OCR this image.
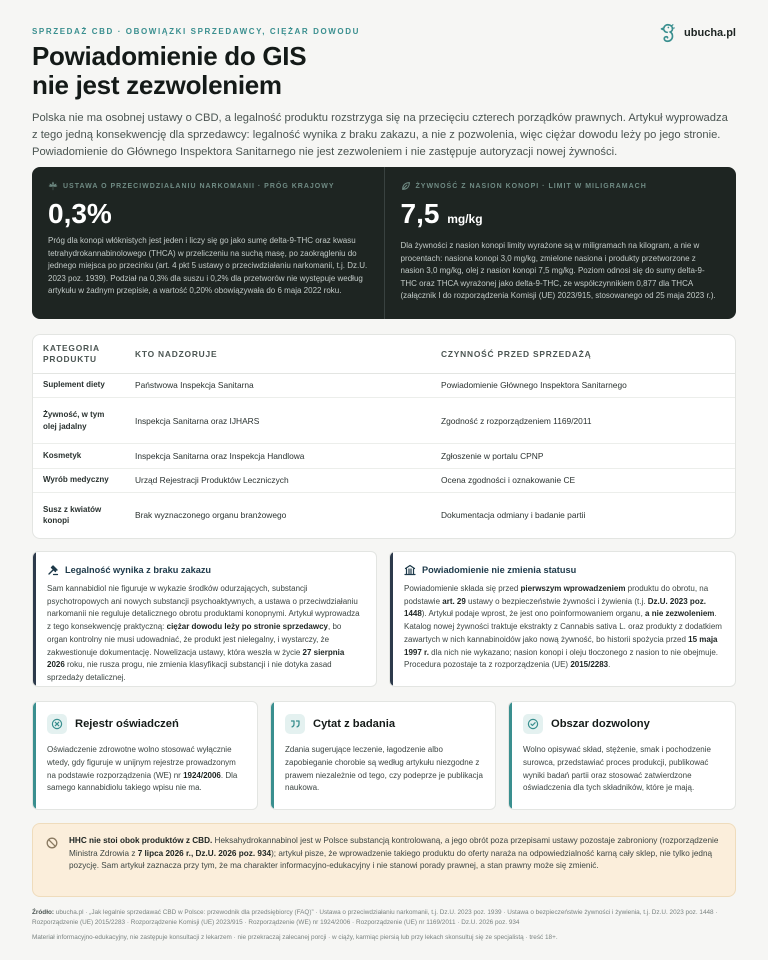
SPRZEDAŻ CBD · OBOWIĄZKI SPRZEDAWCY, CIĘŻAR DOWODU	ubucha.pl
Powiadomienie do GIS
nie jest zezwoleniem

Polska nie ma osobnej ustawy o CBD, a legalność produktu rozstrzyga się na przecięciu czterech porządków prawnych. Artykuł wyprowadza z tego jedną konsekwencję dla sprzedawcy: legalność wynika z braku zakazu, a nie z pozwolenia, więc ciężar dowodu leży po jego stronie. Powiadomienie do Głównego Inspektora Sanitarnego nie jest zezwoleniem i nie zastępuje autoryzacji nowej żywności.

USTAWA O PRZECIWDZIAŁANIU NARKOMANII · PRÓG KRAJOWY
0,3%

Próg dla konopi włóknistych jest jeden i liczy się go jako sumę delta-9-THC oraz kwasu tetrahydrokannabinolowego (THCA) w przeliczeniu na suchą masę, po zaokrągleniu do jednego miejsca po przecinku (art. 4 pkt 5 ustawy o przeciwdziałaniu narkomanii, t.j. Dz.U. 2023 poz. 1939). Podział na 0,3% dla suszu i 0,2% dla przetworów nie występuje według artykułu w żadnym przepisie, a wartość 0,20% obowiązywała do 6 maja 2022 roku.

ŻYWNOŚĆ Z NASION KONOPI · LIMIT W MILIGRAMACH
7,5 mg/kg

Dla żywności z nasion konopi limity wyrażone są w miligramach na kilogram, a nie w procentach: nasiona konopi 3,0 mg/kg, zmielone nasiona i produkty przetworzone z nasion 3,0 mg/kg, olej z nasion konopi 7,5 mg/kg. Poziom odnosi się do sumy delta-9-THC oraz THCA wyrażonej jako delta-9-THC, ze współczynnikiem 0,877 dla THCA (załącznik I do rozporządzenia Komisji (UE) 2023/915, stosowanego od 25 maja 2023 r.).

KATEGORIA PRODUKTU	KTO NADZORUJE	CZYNNOŚĆ PRZED SPRZEDAŻĄ
Suplement diety	Państwowa Inspekcja Sanitarna	Powiadomienie Głównego Inspektora Sanitarnego
Żywność, w tym olej jadalny	Inspekcja Sanitarna oraz IJHARS	Zgodność z rozporządzeniem 1169/2011
Kosmetyk	Inspekcja Sanitarna oraz Inspekcja Handlowa	Zgłoszenie w portalu CPNP
Wyrób medyczny	Urząd Rejestracji Produktów Leczniczych	Ocena zgodności i oznakowanie CE
Susz z kwiatów konopi	Brak wyznaczonego organu branżowego	Dokumentacja odmiany i badanie partii
Legalność wynika z braku zakazu

Sam kannabidiol nie figuruje w wykazie środków odurzających, substancji psychotropowych ani nowych substancji psychoaktywnych, a ustawa o przeciwdziałaniu narkomanii nie reguluje detalicznego obrotu produktami konopnymi. Artykuł wyprowadza z tego konsekwencję praktyczną: ciężar dowodu leży po stronie sprzedawcy, bo organ kontrolny nie musi udowadniać, że produkt jest nielegalny, i wystarczy, że zakwestionuje dokumentację. Nowelizacja ustawy, która weszła w życie 27 sierpnia 2026 roku, nie rusza progu, nie zmienia klasyfikacji substancji i nie dotyka zasad sprzedaży detalicznej.

Powiadomienie nie zmienia statusu

Powiadomienie składa się przed pierwszym wprowadzeniem produktu do obrotu, na podstawie art. 29 ustawy o bezpieczeństwie żywności i żywienia (t.j. Dz.U. 2023 poz. 1448). Artykuł podaje wprost, że jest ono poinformowaniem organu, a nie zezwoleniem. Katalog nowej żywności traktuje ekstrakty z Cannabis sativa L. oraz produkty z dodatkiem zawartych w nich kannabinoidów jako nową żywność, bo historii spożycia przed 15 maja 1997 r. dla nich nie wykazano; nasion konopi i oleju tłoczonego z nasion to nie obejmuje. Procedura pozostaje ta z rozporządzenia (UE) 2015/2283.

Rejestr oświadczeń

Oświadczenie zdrowotne wolno stosować wyłącznie wtedy, gdy figuruje w unijnym rejestrze prowadzonym na podstawie rozporządzenia (WE) nr 1924/2006. Dla samego kannabidiolu takiego wpisu nie ma.

Cytat z badania

Zdania sugerujące leczenie, łagodzenie albo zapobieganie chorobie są według artykułu niezgodne z prawem niezależnie od tego, czy podeprze je publikacja naukowa.

Obszar dozwolony

Wolno opisywać skład, stężenie, smak i pochodzenie surowca, przedstawiać proces produkcji, publikować wyniki badań partii oraz stosować zatwierdzone oświadczenia dla tych składników, które je mają.

HHC nie stoi obok produktów z CBD. Heksahydrokannabinol jest w Polsce substancją kontrolowaną, a jego obrót poza przepisami ustawy pozostaje zabroniony (rozporządzenie Ministra Zdrowia z 7 lipca 2026 r., Dz.U. 2026 poz. 934); artykuł pisze, że wprowadzenie takiego produktu do oferty naraża na odpowiedzialność karną cały sklep, nie tylko jedną pozycję. Sam artykuł zaznacza przy tym, że ma charakter informacyjno-edukacyjny i nie stanowi porady prawnej, a stan prawny może się zmienić.

Źródło: ubucha.pl · „Jak legalnie sprzedawać CBD w Polsce: przewodnik dla przedsiębiorcy (FAQ)” · Ustawa o przeciwdziałaniu narkomanii, t.j. Dz.U. 2023 poz. 1939 · Ustawa o bezpieczeństwie żywności i żywienia, t.j. Dz.U. 2023 poz. 1448 · Rozporządzenie (UE) 2015/2283 · Rozporządzenie Komisji (UE) 2023/915 · Rozporządzenie (WE) nr 1924/2006 · Rozporządzenie (UE) nr 1169/2011 · Dz.U. 2026 poz. 934

Materiał informacyjno-edukacyjny, nie zastępuje konsultacji z lekarzem · nie przekraczaj zalecanej porcji · w ciąży, karmiąc piersią lub przy lekach skonsultuj się ze specjalistą · treść 18+.
